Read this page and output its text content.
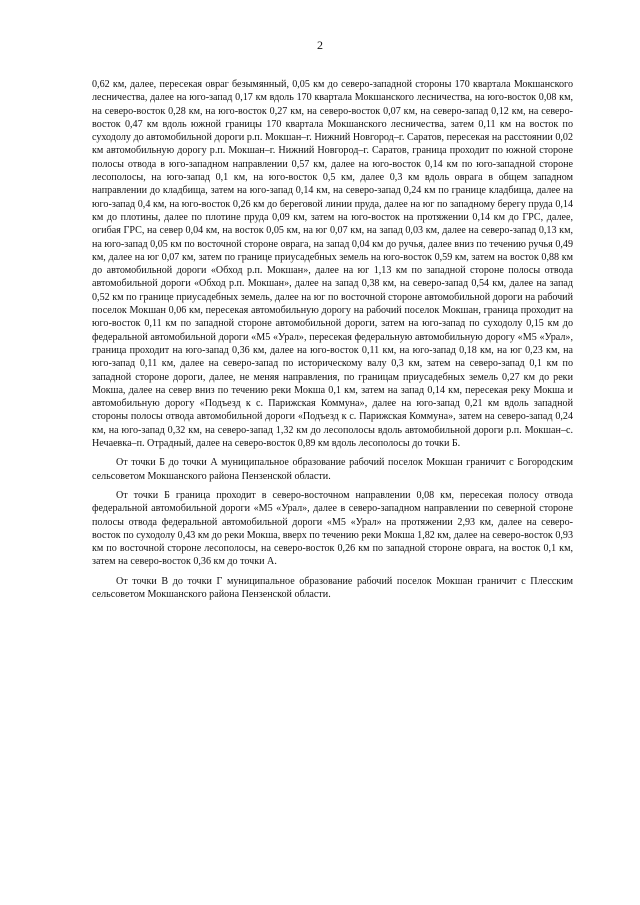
2

0,62 км, далее, пересекая овраг безымянный, 0,05 км до северо-западной стороны 170 квартала Мокшанского лесничества, далее на юго-запад 0,17 км вдоль 170 квартала Мокшанского лесничества, на юго-восток 0,08 км, на северо-восток 0,28 км, на юго-восток 0,27 км, на северо-восток 0,07 км, на северо-запад 0,12 км, на северо-восток 0,47 км вдоль южной границы 170 квартала Мокшанского лесничества, затем 0,11 км на восток по суходолу до автомобильной дороги р.п. Мокшан–г. Нижний Новгород–г. Саратов, пересекая на расстоянии 0,02 км автомобильную дорогу р.п. Мокшан–г. Нижний Новгород–г. Саратов, граница проходит по южной стороне полосы отвода в юго-западном направлении 0,57 км, далее на юго-восток 0,14 км по юго-западной стороне лесополосы, на юго-запад 0,1 км, на юго-восток 0,5 км, далее 0,3 км вдоль оврага в общем западном направлении до кладбища, затем на юго-запад 0,14 км, на северо-запад 0,24 км по границе кладбища, далее на юго-запад 0,4 км, на юго-восток 0,26 км до береговой линии пруда, далее на юг по западному берегу пруда 0,14 км до плотины, далее по плотине пруда 0,09 км, затем на юго-восток на протяжении 0,14 км до ГРС, далее, огибая ГРС, на север 0,04 км, на восток 0,05 км, на юг 0,07 км, на запад 0,03 км, далее на северо-запад 0,13 км, на юго-запад 0,05 км по восточной стороне оврага, на запад 0,04 км до ручья, далее вниз по течению ручья 0,49 км, далее на юг 0,07 км, затем по границе приусадебных земель на юго-восток 0,59 км, затем на восток 0,88 км до автомобильной дороги «Обход р.п. Мокшан», далее на юг 1,13 км по западной стороне полосы отвода автомобильной дороги «Обход р.п. Мокшан», далее на запад 0,38 км, на северо-запад 0,54 км, далее на запад 0,52 км по границе приусадебных земель, далее на юг по восточной стороне автомобильной дороги на рабочий поселок Мокшан 0,06 км, пересекая автомобильную дорогу на рабочий поселок Мокшан, граница проходит на юго-восток 0,11 км по западной стороне автомобильной дороги, затем на юго-запад по суходолу 0,15 км до федеральной автомобильной дороги «М5 «Урал», пересекая федеральную автомобильную дорогу «М5 «Урал», граница проходит на юго-запад 0,36 км, далее на юго-восток 0,11 км, на юго-запад 0,18 км, на юг 0,23 км, на юго-запад 0,11 км, далее на северо-запад по историческому валу 0,3 км, затем на северо-запад 0,1 км по западной стороне дороги, далее, не меняя направления, по границам приусадебных земель 0,27 км до реки Мокша, далее на север вниз по течению реки Мокша 0,1 км, затем на запад 0,14 км, пересекая реку Мокша и автомобильную дорогу «Подъезд к с. Парижская Коммуна», далее на юго-запад 0,21 км вдоль западной стороны полосы отвода автомобильной дороги «Подъезд к с. Парижская Коммуна», затем на северо-запад 0,24 км, на юго-запад 0,32 км, на северо-запад 1,32 км до лесополосы вдоль автомобильной дороги р.п. Мокшан–с. Нечаевка–п. Отрадный, далее на северо-восток 0,89 км вдоль лесополосы до точки Б.

От точки Б до точки А муниципальное образование рабочий поселок Мокшан граничит с Богородским сельсоветом Мокшанского района Пензенской области.

От точки Б граница проходит в северо-восточном направлении 0,08 км, пересекая полосу отвода федеральной автомобильной дороги «М5 «Урал», далее в северо-западном направлении по северной стороне полосы отвода федеральной автомобильной дороги «М5 «Урал» на протяжении 2,93 км, далее на северо-восток по суходолу 0,43 км до реки Мокша, вверх по течению реки Мокша 1,82 км, далее на северо-восток 0,93 км по восточной стороне лесополосы, на северо-восток 0,26 км по западной стороне оврага, на восток 0,1 км, затем на северо-восток 0,36 км до точки А.

От точки В до точки Г муниципальное образование рабочий поселок Мокшан граничит с Плесским сельсоветом Мокшанского района Пензенской области.
